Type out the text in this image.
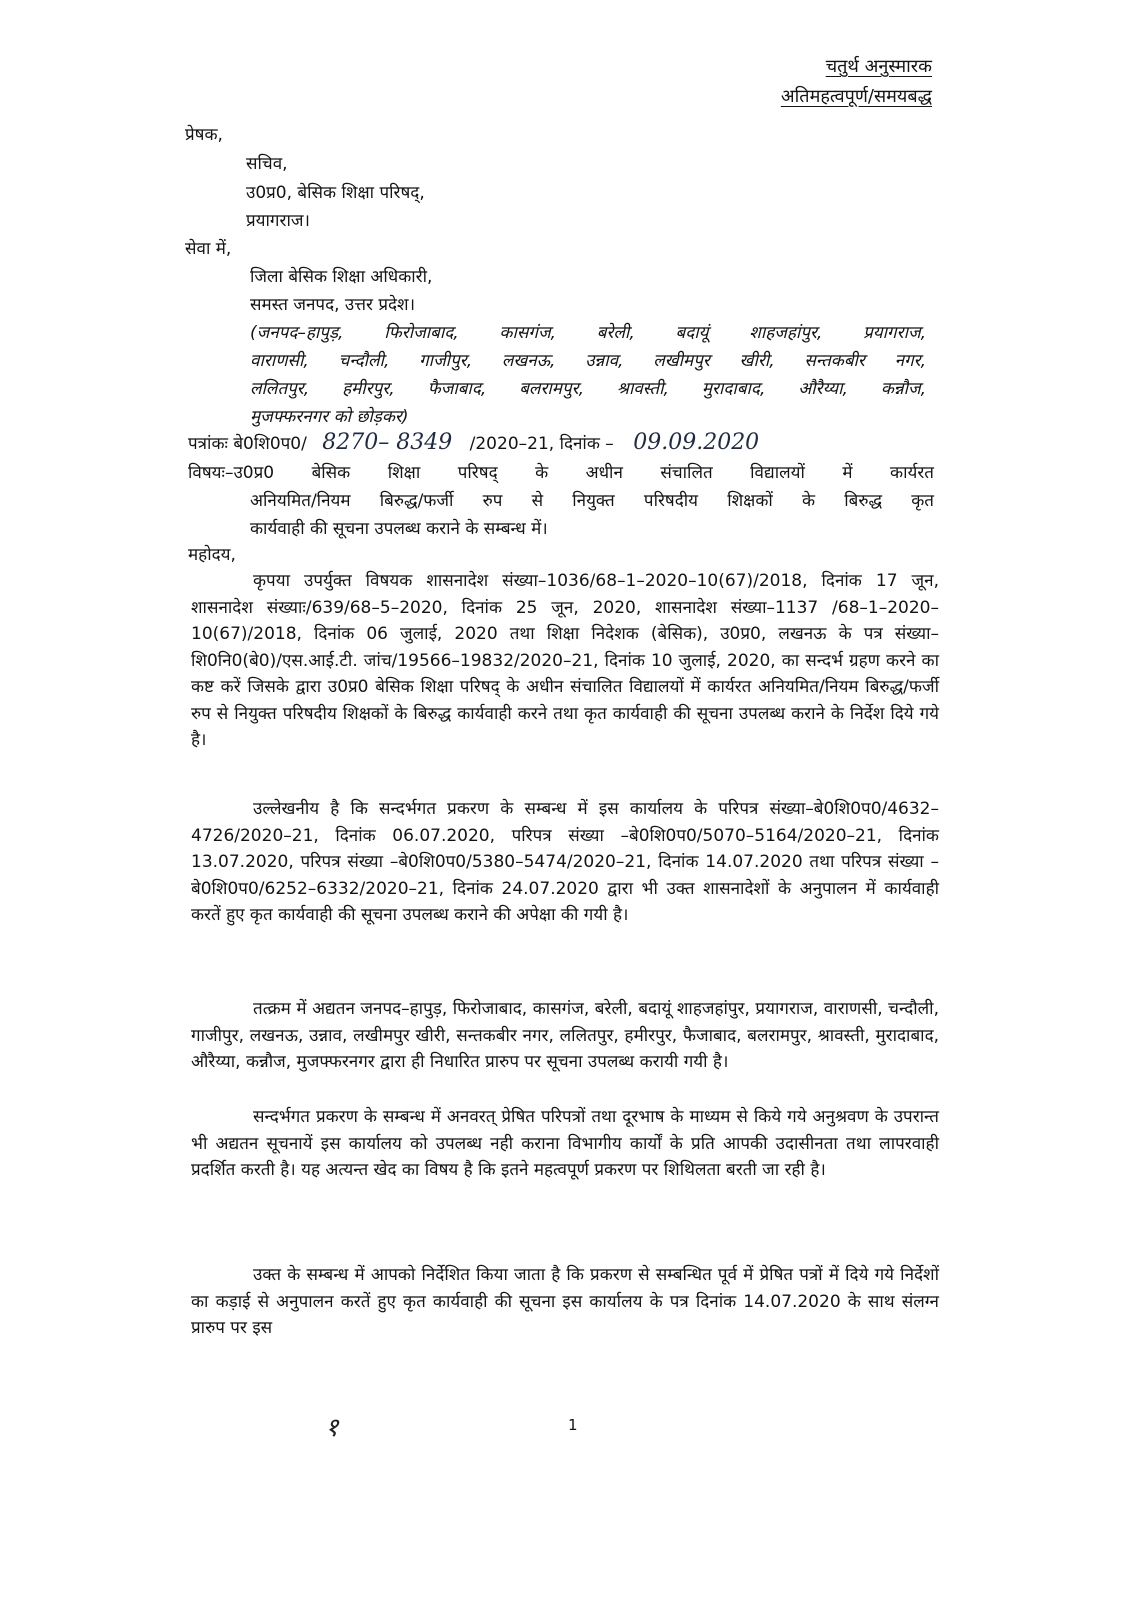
चतुर्थ अनुस्मारक
अतिमहत्वपूर्ण/समयबद्ध
प्रेषक,
सचिव,
उ0प्र0, बेसिक शिक्षा परिषद्,
प्रयागराज।
सेवा में,
जिला बेसिक शिक्षा अधिकारी,
समस्त जनपद, उत्तर प्रदेश।
(जनपद–हापुड़, फिरोजाबाद, कासगंज, बरेली, बदायूं शाहजहांपुर, प्रयागराज,
वाराणसी, चन्दौली, गाजीपुर, लखनऊ, उन्नाव, लखीमपुर खीरी, सन्तकबीर नगर,
ललितपुर, हमीरपुर, फैजाबाद, बलरामपुर, श्रावस्ती, मुरादाबाद, औरैय्या, कन्नौज,
मुजफ्फरनगर को छोड़कर)
पत्रांकः बे0शि0प0/ 8270– 8349 /2020–21, दिनांक – 09.09.2020
विषयः–उ0प्र0 बेसिक शिक्षा परिषद् के अधीन संचालित विद्यालयों में कार्यरत
अनियमित/नियम बिरुद्ध/फर्जी रुप से नियुक्त परिषदीय शिक्षकों के बिरुद्ध कृत
कार्यवाही की सूचना उपलब्ध कराने के सम्बन्ध में।
महोदय,

कृपया उपर्युक्त विषयक शासनादेश संख्या–1036/68–1–2020–10(67)/2018, दिनांक 17 जून, शासनादेश संख्याः/639/68–5–2020, दिनांक 25 जून, 2020, शासनादेश संख्या–1137 /68–1–2020–10(67)/2018, दिनांक 06 जुलाई, 2020 तथा शिक्षा निदेशक (बेसिक), उ0प्र0, लखनऊ के पत्र संख्या–शि0नि0(बे0)/एस.आई.टी. जांच/19566–19832/2020–21, दिनांक 10 जुलाई, 2020, का सन्दर्भ ग्रहण करने का कष्ट करें जिसके द्वारा उ0प्र0 बेसिक शिक्षा परिषद् के अधीन संचालित विद्यालयों में कार्यरत अनियमित/नियम बिरुद्ध/फर्जी रुप से नियुक्त परिषदीय शिक्षकों के बिरुद्ध कार्यवाही करने तथा कृत कार्यवाही की सूचना उपलब्ध कराने के निर्देश दिये गये है।

उल्लेखनीय है कि सन्दर्भगत प्रकरण के सम्बन्ध में इस कार्यालय के परिपत्र संख्या–बे0शि0प0/4632–4726/2020–21, दिनांक 06.07.2020, परिपत्र संख्या –बे0शि0प0/5070–5164/2020–21, दिनांक 13.07.2020, परिपत्र संख्या –बे0शि0प0/5380–5474/2020–21, दिनांक 14.07.2020 तथा परिपत्र संख्या –बे0शि0प0/6252–6332/2020–21, दिनांक 24.07.2020 द्वारा भी उक्त शासनादेशों के अनुपालन में कार्यवाही करतें हुए कृत कार्यवाही की सूचना उपलब्ध कराने की अपेक्षा की गयी है।

तत्क्रम में अद्यतन जनपद–हापुड़, फिरोजाबाद, कासगंज, बरेली, बदायूं शाहजहांपुर, प्रयागराज, वाराणसी, चन्दौली, गाजीपुर, लखनऊ, उन्नाव, लखीमपुर खीरी, सन्तकबीर नगर, ललितपुर, हमीरपुर, फैजाबाद, बलरामपुर, श्रावस्ती, मुरादाबाद, औरैय्या, कन्नौज, मुजफ्फरनगर द्वारा ही निधारित प्रारुप पर सूचना उपलब्ध करायी गयी है।

सन्दर्भगत प्रकरण के सम्बन्ध में अनवरत् प्रेषित परिपत्रों तथा दूरभाष के माध्यम से किये गये अनुश्रवण के उपरान्त भी अद्यतन सूचनायें इस कार्यालय को उपलब्ध नही कराना विभागीय कार्यों के प्रति आपकी उदासीनता तथा लापरवाही प्रदर्शित करती है। यह अत्यन्त खेद का विषय है कि इतने महत्वपूर्ण प्रकरण पर शिथिलता बरती जा रही है।

उक्त के सम्बन्ध में आपको निर्देशित किया जाता है कि प्रकरण से सम्बन्धित पूर्व में प्रेषित पत्रों में दिये गये निर्देशों का कड़ाई से अनुपालन करतें हुए कृत कार्यवाही की सूचना इस कार्यालय के पत्र दिनांक 14.07.2020 के साथ संलग्न प्रारुप पर इस

१	1
